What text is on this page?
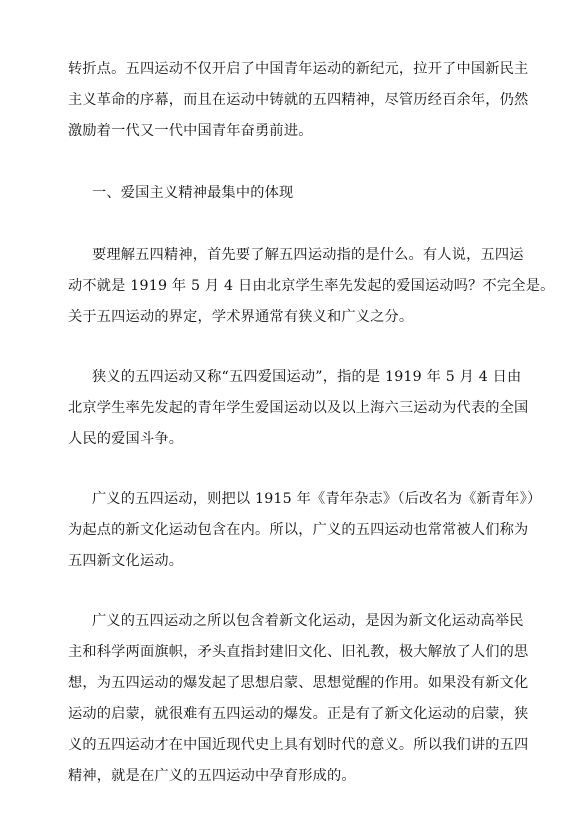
转折点。五四运动不仅开启了中国青年运动的新纪元，拉开了中国新民主
主义革命的序幕，而且在运动中铸就的五四精神，尽管历经百余年，仍然
激励着一代又一代中国青年奋勇前进。
一、爱国主义精神最集中的体现
要理解五四精神，首先要了解五四运动指的是什么。有人说，五四运
动不就是 1919 年 5 月 4 日由北京学生率先发起的爱国运动吗？不完全是。
关于五四运动的界定，学术界通常有狭义和广义之分。
狭义的五四运动又称“五四爱国运动”，指的是 1919 年 5 月 4 日由
北京学生率先发起的青年学生爱国运动以及以上海六三运动为代表的全国
人民的爱国斗争。
广义的五四运动，则把以 1915 年《青年杂志》（后改名为《新青年》）
为起点的新文化运动包含在内。所以，广义的五四运动也常常被人们称为
五四新文化运动。
广义的五四运动之所以包含着新文化运动，是因为新文化运动高举民
主和科学两面旗帜，矛头直指封建旧文化、旧礼教，极大解放了人们的思
想，为五四运动的爆发起了思想启蒙、思想觉醒的作用。如果没有新文化
运动的启蒙，就很难有五四运动的爆发。正是有了新文化运动的启蒙，狭
义的五四运动才在中国近现代史上具有划时代的意义。所以我们讲的五四
精神，就是在广义的五四运动中孕育形成的。
